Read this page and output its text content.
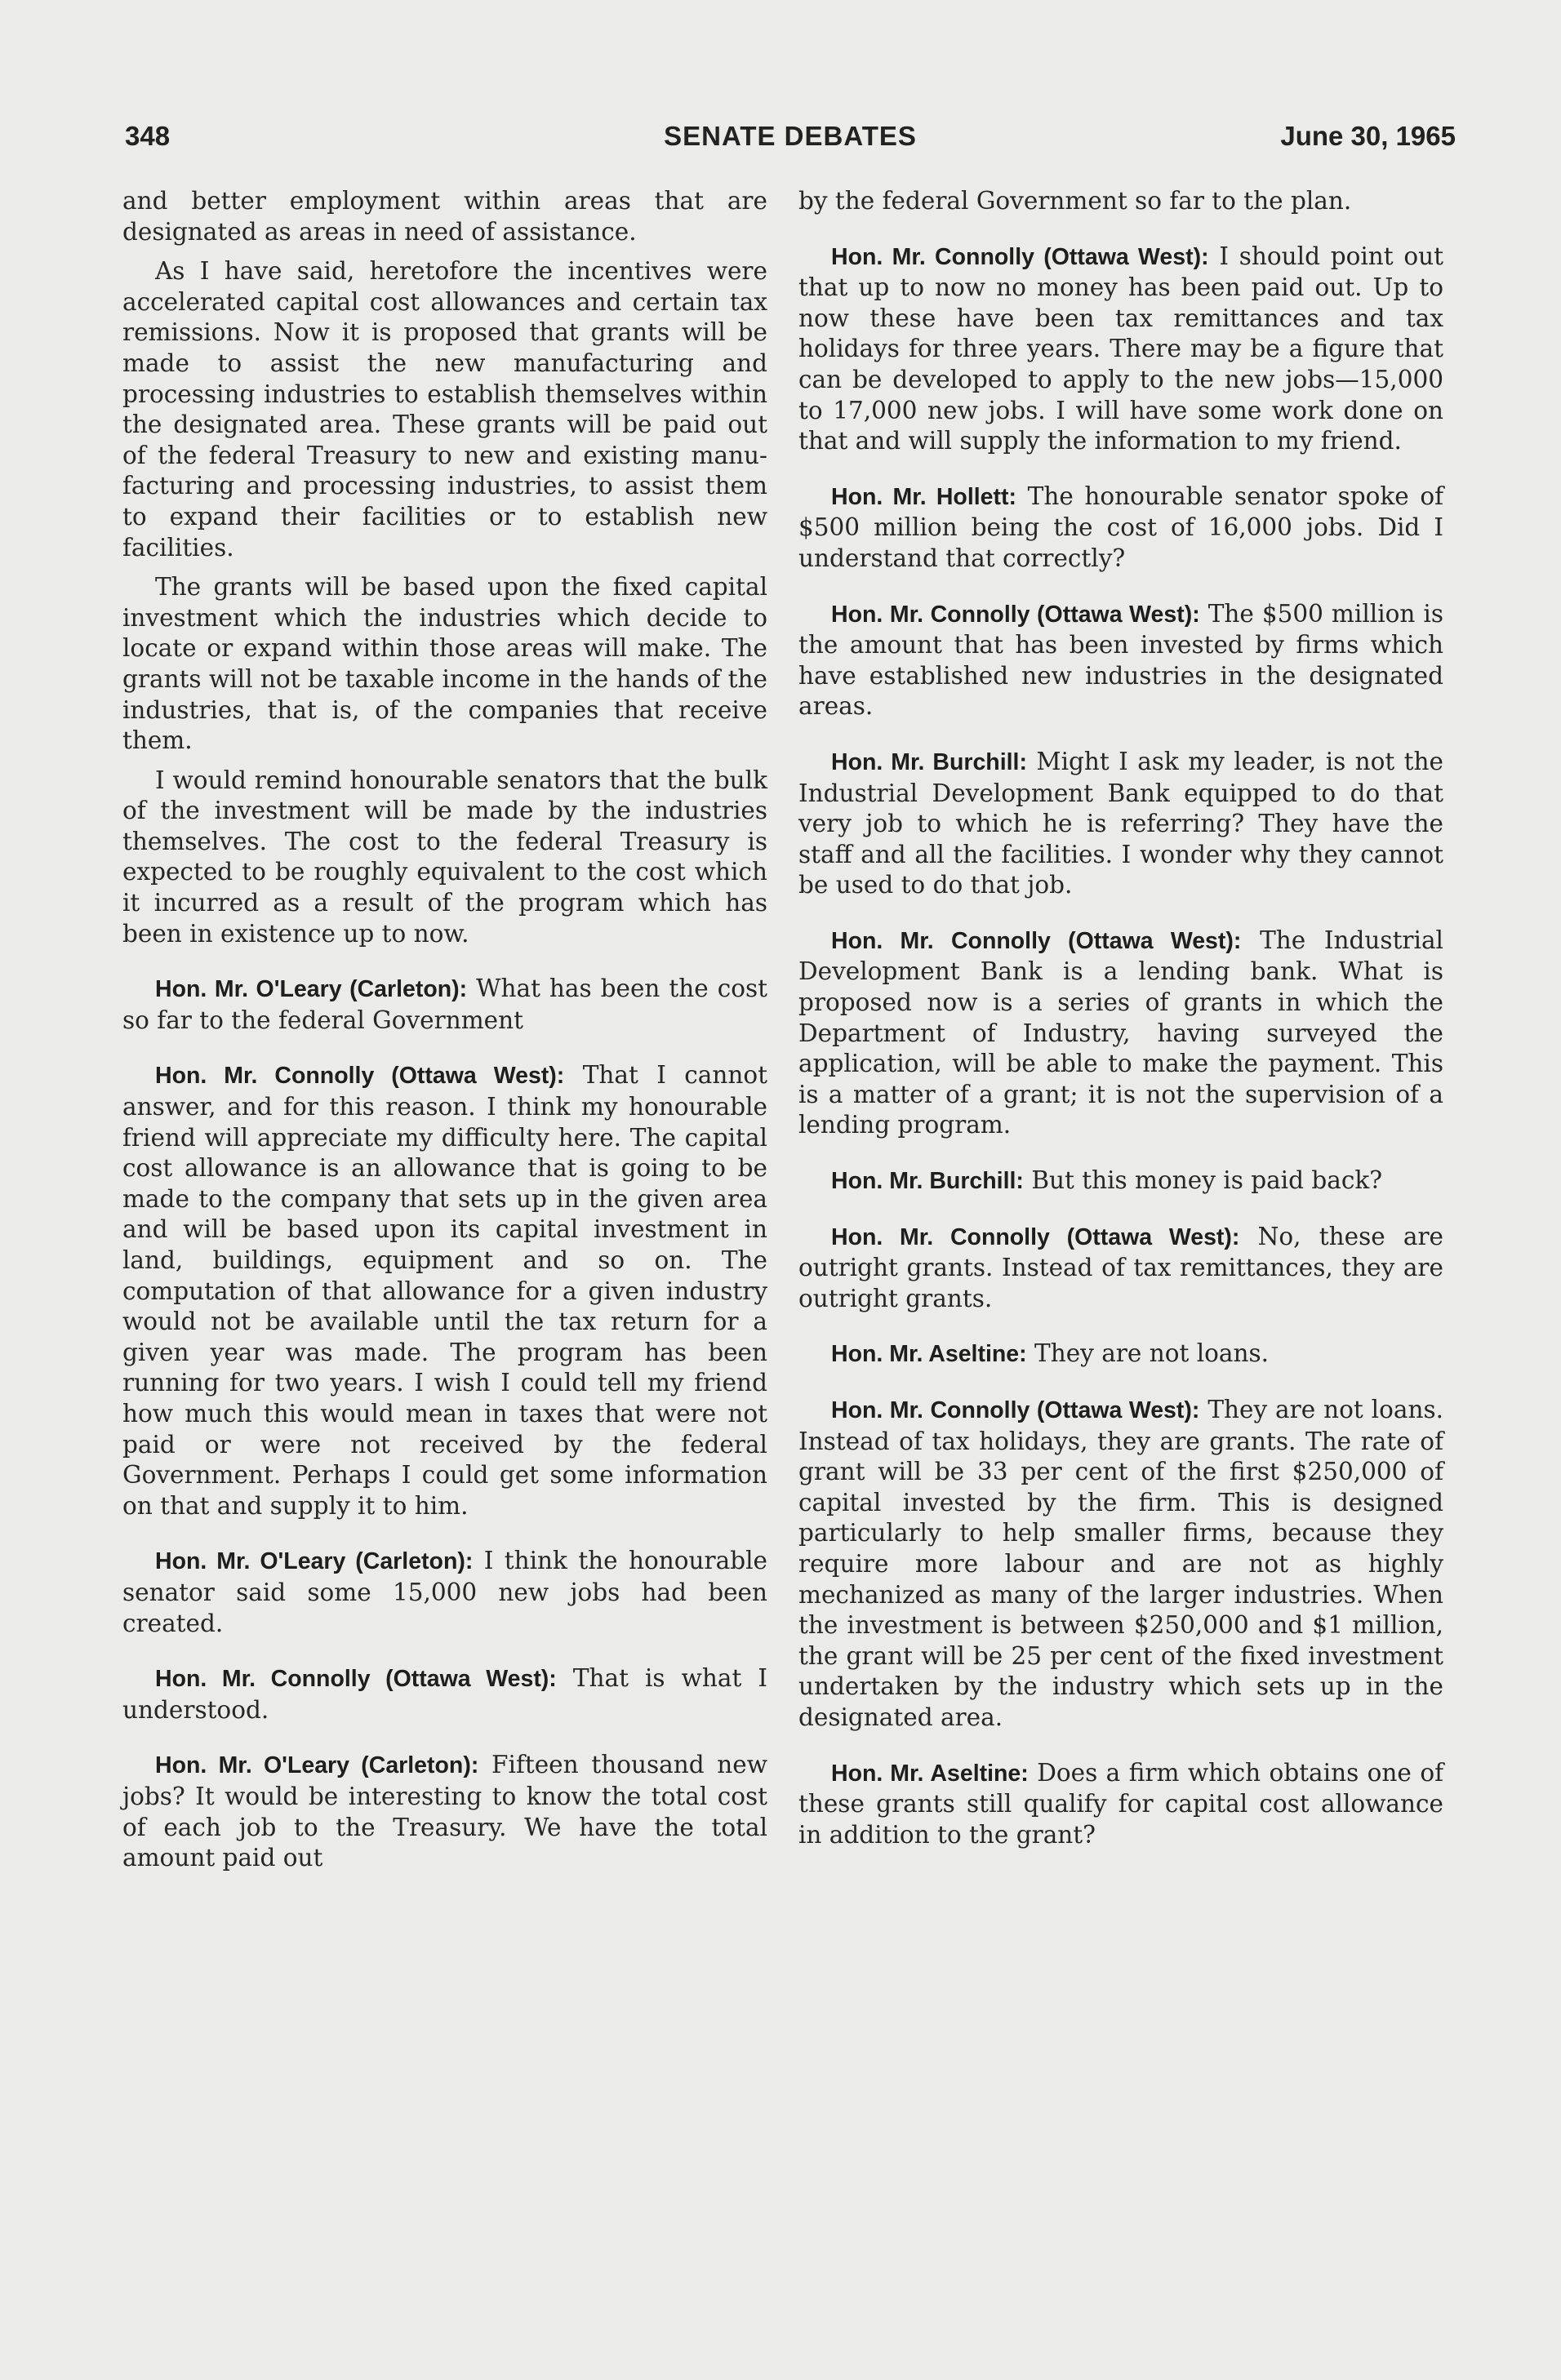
348	SENATE DEBATES	June 30, 1965

and better employment within areas that are designated as areas in need of assistance.

As I have said, heretofore the incentives were accelerated capital cost allowances and certain tax remissions. Now it is proposed that grants will be made to assist the new manufacturing and processing industries to establish themselves within the designated area. These grants will be paid out of the federal Treasury to new and existing manufacturing and processing industries, to assist them to expand their facilities or to establish new facilities.

The grants will be based upon the fixed capital investment which the industries which decide to locate or expand within those areas will make. The grants will not be taxable income in the hands of the industries, that is, of the companies that receive them.

I would remind honourable senators that the bulk of the investment will be made by the industries themselves. The cost to the federal Treasury is expected to be roughly equivalent to the cost which it incurred as a result of the program which has been in existence up to now.

Hon. Mr. O'Leary (Carleton): What has been the cost so far to the federal Government

Hon. Mr. Connolly (Ottawa West): That I cannot answer, and for this reason. I think my honourable friend will appreciate my difficulty here. The capital cost allowance is an allowance that is going to be made to the company that sets up in the given area and will be based upon its capital investment in land, buildings, equipment and so on. The computation of that allowance for a given industry would not be available until the tax return for a given year was made. The program has been running for two years. I wish I could tell my friend how much this would mean in taxes that were not paid or were not received by the federal Government. Perhaps I could get some information on that and supply it to him.

Hon. Mr. O'Leary (Carleton): I think the honourable senator said some 15,000 new jobs had been created.

Hon. Mr. Connolly (Ottawa West): That is what I understood.

Hon. Mr. O'Leary (Carleton): Fifteen thousand new jobs? It would be interesting to know the total cost of each job to the Treasury. We have the total amount paid out

by the federal Government so far to the plan.

Hon. Mr. Connolly (Ottawa West): I should point out that up to now no money has been paid out. Up to now these have been tax remittances and tax holidays for three years. There may be a figure that can be developed to apply to the new jobs—15,000 to 17,000 new jobs. I will have some work done on that and will supply the information to my friend.

Hon. Mr. Hollett: The honourable senator spoke of $500 million being the cost of 16,000 jobs. Did I understand that correctly?

Hon. Mr. Connolly (Ottawa West): The $500 million is the amount that has been invested by firms which have established new industries in the designated areas.

Hon. Mr. Burchill: Might I ask my leader, is not the Industrial Development Bank equipped to do that very job to which he is referring? They have the staff and all the facilities. I wonder why they cannot be used to do that job.

Hon. Mr. Connolly (Ottawa West): The Industrial Development Bank is a lending bank. What is proposed now is a series of grants in which the Department of Industry, having surveyed the application, will be able to make the payment. This is a matter of a grant; it is not the supervision of a lending program.

Hon. Mr. Burchill: But this money is paid back?

Hon. Mr. Connolly (Ottawa West): No, these are outright grants. Instead of tax remittances, they are outright grants.

Hon. Mr. Aseltine: They are not loans.

Hon. Mr. Connolly (Ottawa West): They are not loans. Instead of tax holidays, they are grants. The rate of grant will be 33 per cent of the first $250,000 of capital invested by the firm. This is designed particularly to help smaller firms, because they require more labour and are not as highly mechanized as many of the larger industries. When the investment is between $250,000 and $1 million, the grant will be 25 per cent of the fixed investment undertaken by the industry which sets up in the designated area.

Hon. Mr. Aseltine: Does a firm which obtains one of these grants still qualify for capital cost allowance in addition to the grant?
